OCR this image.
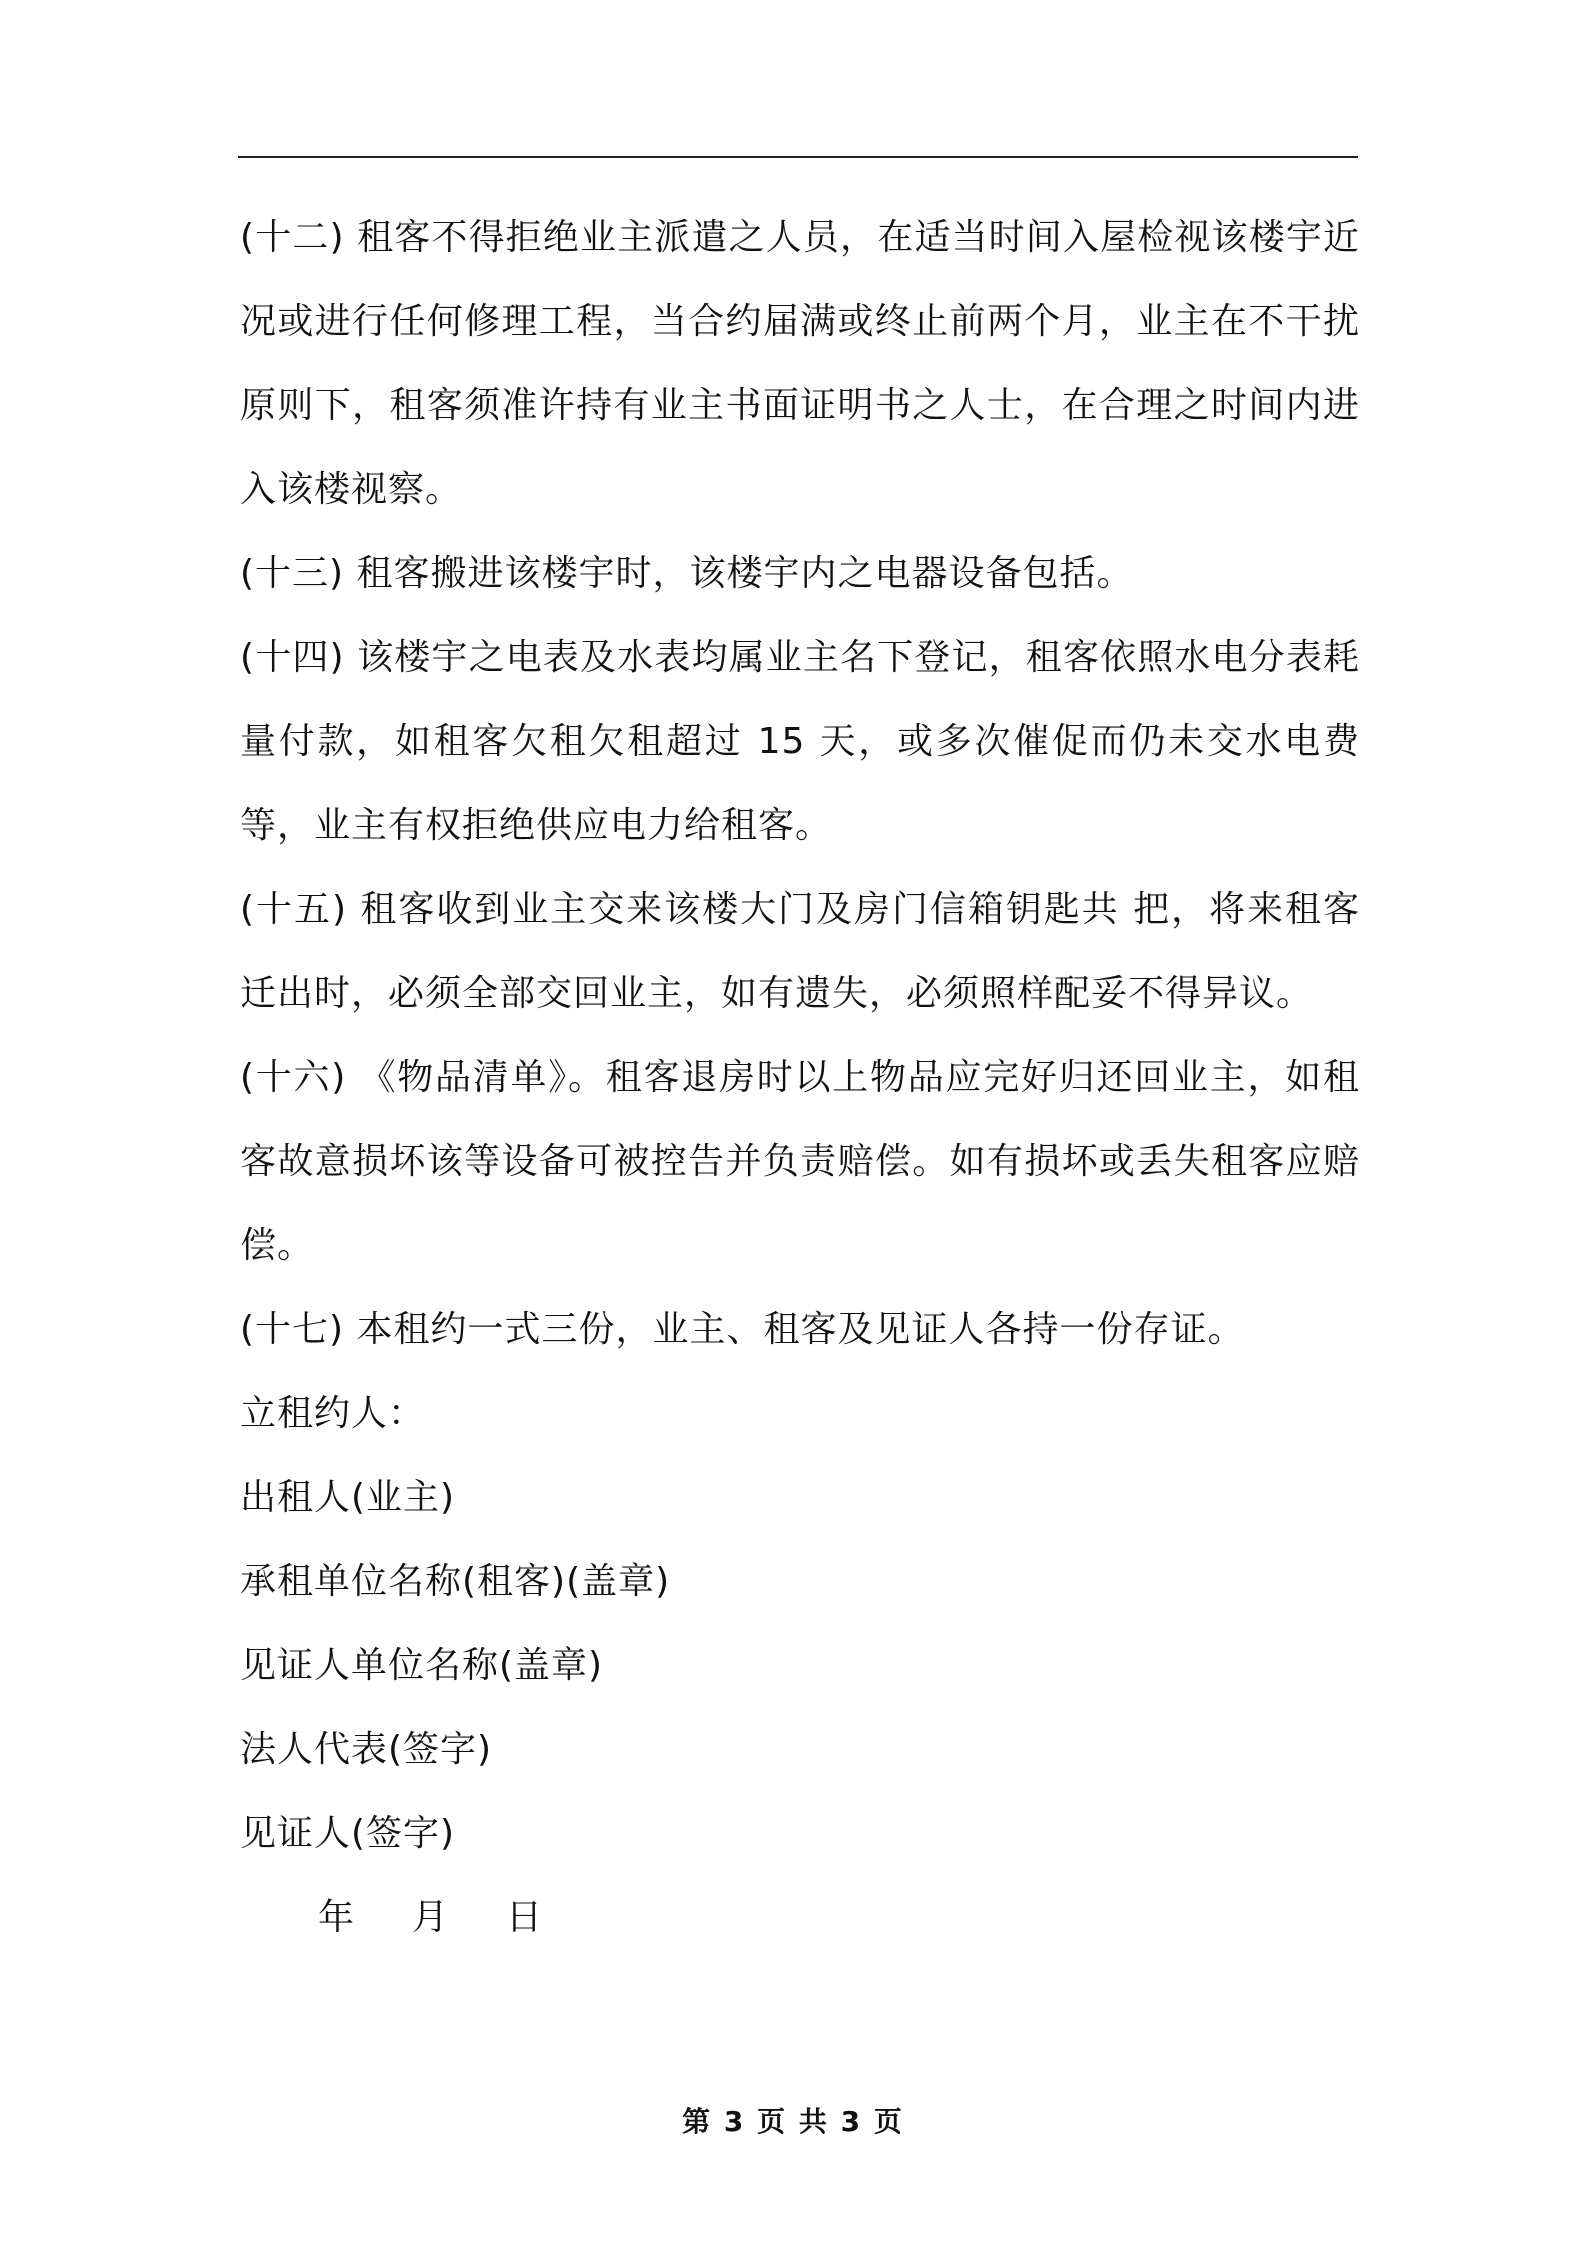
(十二) 租客不得拒绝业主派遣之人员，在适当时间入屋检视该楼宇近况或进行任何修理工程，当合约届满或终止前两个月，业主在不干扰原则下，租客须准许持有业主书面证明书之人士，在合理之时间内进入该楼视察。

(十三) 租客搬进该楼宇时，该楼宇内之电器设备包括。

(十四) 该楼宇之电表及水表均属业主名下登记，租客依照水电分表耗量付款，如租客欠租欠租超过 15 天，或多次催促而仍未交水电费等，业主有权拒绝供应电力给租客。

(十五) 租客收到业主交来该楼大门及房门信箱钥匙共 把，将来租客迁出时，必须全部交回业主，如有遗失，必须照样配妥不得异议。

(十六) 《物品清单》。租客退房时以上物品应完好归还回业主，如租客故意损坏该等设备可被控告并负责赔偿。如有损坏或丢失租客应赔偿。

(十七) 本租约一式三份，业主、租客及见证人各持一份存证。

立租约人：

出租人(业主)

承租单位名称(租客)(盖章)

见证人单位名称(盖章)

法人代表(签字)

见证人(签字)

年 月 日

第 3 页 共 3 页
